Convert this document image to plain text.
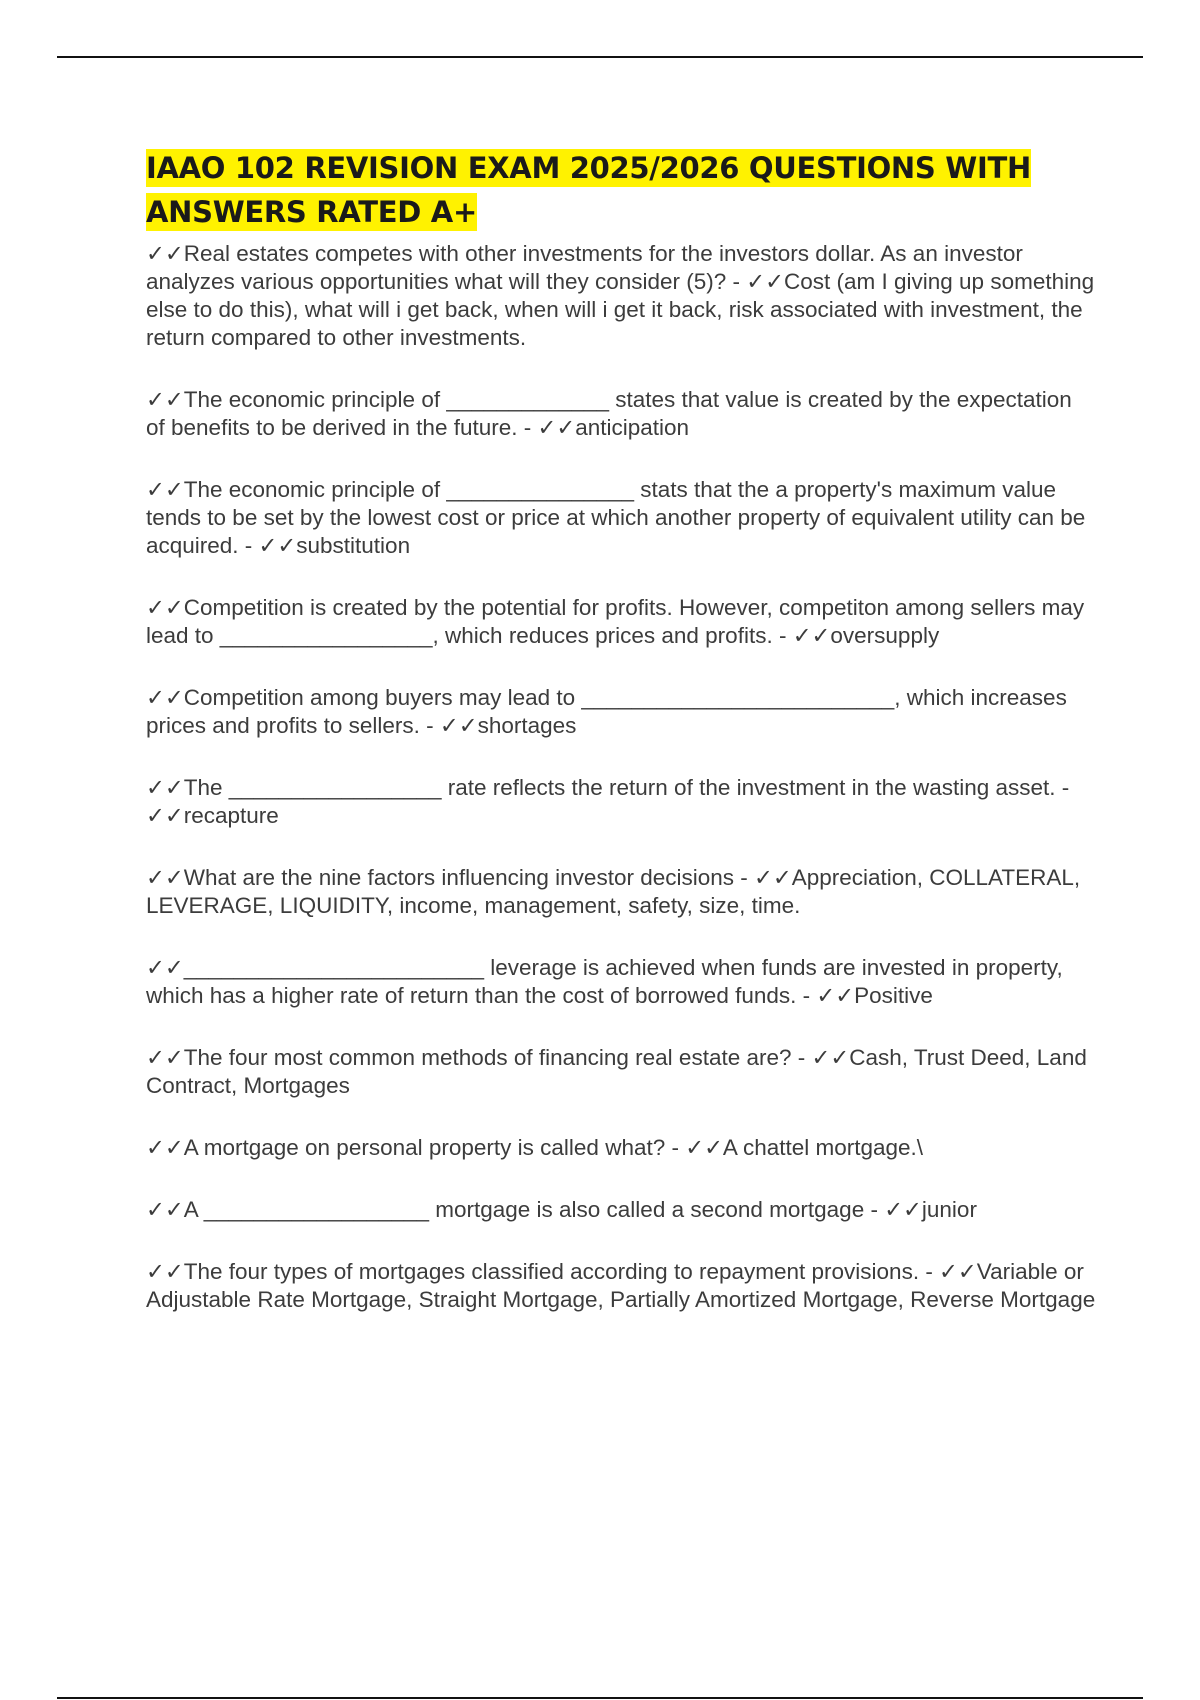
IAAO 102 REVISION EXAM 2025/2026 QUESTIONS WITH ANSWERS RATED A+
✓✓Real estates competes with other investments for the investors dollar. As an investor analyzes various opportunities what will they consider (5)? - ✓✓Cost (am I giving up something else to do this), what will i get back, when will i get it back, risk associated with investment, the return compared to other investments.
✓✓The economic principle of _____________ states that value is created by the expectation of benefits to be derived in the future. - ✓✓anticipation
✓✓The economic principle of _______________ stats that the a property's maximum value tends to be set by the lowest cost or price at which another property of equivalent utility can be acquired. - ✓✓substitution
✓✓Competition is created by the potential for profits. However, competiton among sellers may lead to _________________, which reduces prices and profits. - ✓✓oversupply
✓✓Competition among buyers may lead to _________________________, which increases prices and profits to sellers. - ✓✓shortages
✓✓The _________________ rate reflects the return of the investment in the wasting asset. - ✓✓recapture
✓✓What are the nine factors influencing investor decisions - ✓✓Appreciation, COLLATERAL, LEVERAGE, LIQUIDITY, income, management, safety, size, time.
✓✓________________________ leverage is achieved when funds are invested in property, which has a higher rate of return than the cost of borrowed funds. - ✓✓Positive
✓✓The four most common methods of financing real estate are? - ✓✓Cash, Trust Deed, Land Contract, Mortgages
✓✓A mortgage on personal property is called what? - ✓✓A chattel mortgage.\
✓✓A __________________ mortgage is also called a second mortgage - ✓✓junior
✓✓The four types of mortgages classified according to repayment provisions. - ✓✓Variable or Adjustable Rate Mortgage, Straight Mortgage, Partially Amortized Mortgage, Reverse Mortgage
